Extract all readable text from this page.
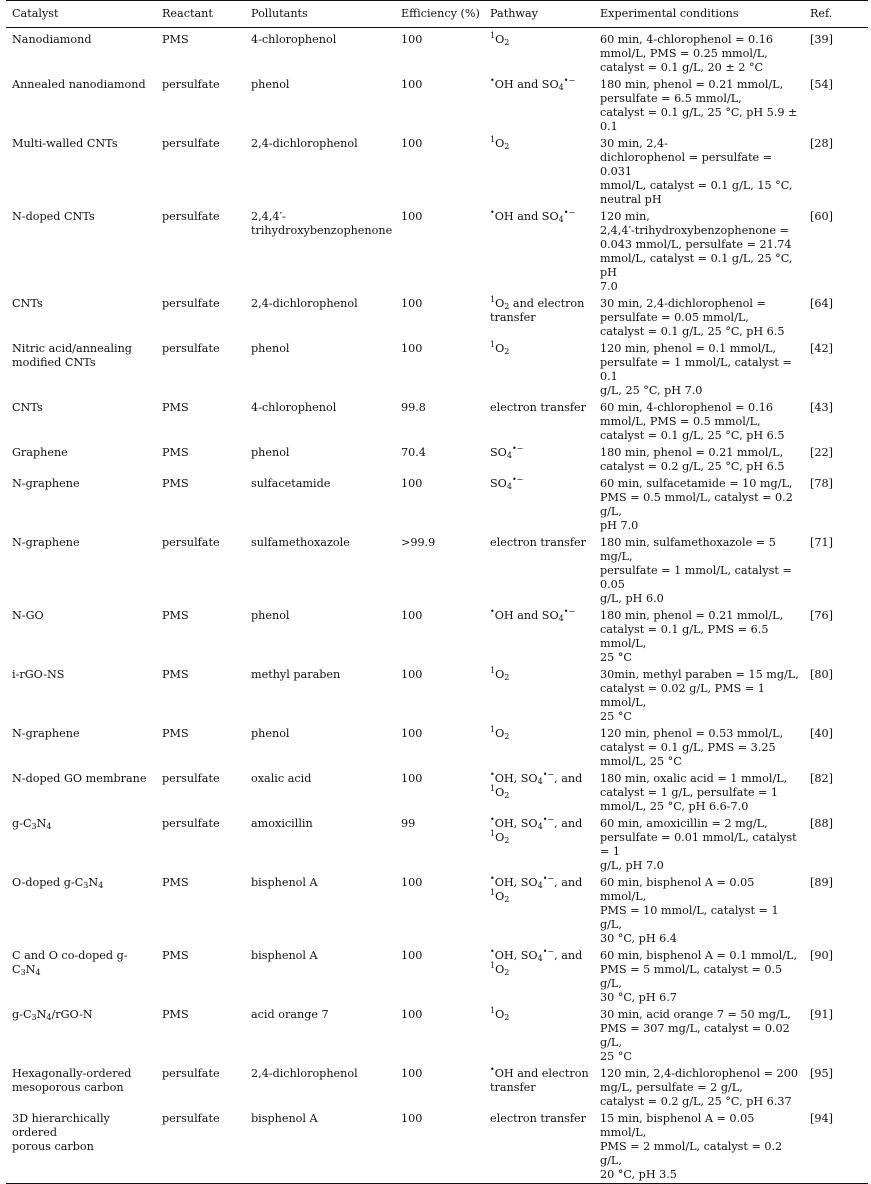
Catalyst	Reactant	Pollutants	Efficiency (%)	Pathway	Experimental conditions	Ref.
Nanodiamond	PMS	4-chlorophenol	100	$^1O_2$	60 min, 4-chlorophenol = 0.16
mmol/L, PMS = 0.25 mmol/L,
catalyst = 0.1 g/L, 20 ± 2 °C	[39]
Annealed nanodiamond	persulfate	phenol	100	•OH and $SO_4^{•-}$	180 min, phenol = 0.21 mmol/L,
persulfate = 6.5 mmol/L,
catalyst = 0.1 g/L, 25 °C, pH 5.9 ± 0.1	[54]
Multi-walled CNTs	persulfate	2,4-dichlorophenol	100	$^1O_2$	30 min, 2,4-
dichlorophenol = persulfate = 0.031
mmol/L, catalyst = 0.1 g/L, 15 °C,
neutral pH	[28]
N-doped CNTs	persulfate	2,4,4′-
trihydroxybenzophenone	100	•OH and $SO_4^{•-}$	120 min,
2,4,4′-trihydroxybenzophenone =
0.043 mmol/L, persulfate = 21.74
mmol/L, catalyst = 0.1 g/L, 25 °C, pH
7.0	[60]
CNTs	persulfate	2,4-dichlorophenol	100	$^1O_2$ and electron
transfer	30 min, 2,4-dichlorophenol =
persulfate = 0.05 mmol/L,
catalyst = 0.1 g/L, 25 °C, pH 6.5	[64]
Nitric acid/annealing
modified CNTs	persulfate	phenol	100	$^1O_2$	120 min, phenol = 0.1 mmol/L,
persulfate = 1 mmol/L, catalyst = 0.1
g/L, 25 °C, pH 7.0	[42]
CNTs	PMS	4-chlorophenol	99.8	electron transfer	60 min, 4-chlorophenol = 0.16
mmol/L, PMS = 0.5 mmol/L,
catalyst = 0.1 g/L, 25 °C, pH 6.5	[43]
Graphene	PMS	phenol	70.4	$SO_4^{•-}$	180 min, phenol = 0.21 mmol/L,
catalyst = 0.2 g/L, 25 °C, pH 6.5	[22]
N-graphene	PMS	sulfacetamide	100	$SO_4^{•-}$	60 min, sulfacetamide = 10 mg/L,
PMS = 0.5 mmol/L, catalyst = 0.2 g/L,
pH 7.0	[78]
N-graphene	persulfate	sulfamethoxazole	>99.9	electron transfer	180 min, sulfamethoxazole = 5 mg/L,
persulfate = 1 mmol/L, catalyst = 0.05
g/L, pH 6.0	[71]
N-GO	PMS	phenol	100	•OH and $SO_4^{•-}$	180 min, phenol = 0.21 mmol/L,
catalyst = 0.1 g/L, PMS = 6.5 mmol/L,
25 °C	[76]
i-rGO-NS	PMS	methyl paraben	100	$^1O_2$	30min, methyl paraben = 15 mg/L,
catalyst = 0.02 g/L, PMS = 1 mmol/L,
25 °C	[80]
N-graphene	PMS	phenol	100	$^1O_2$	120 min, phenol = 0.53 mmol/L,
catalyst = 0.1 g/L, PMS = 3.25
mmol/L, 25 °C	[40]
N-doped GO membrane	persulfate	oxalic acid	100	•OH, $SO_4^{•-}$, and
$^1O_2$	180 min, oxalic acid = 1 mmol/L,
catalyst = 1 g/L, persulfate = 1
mmol/L, 25 °C, pH 6.6-7.0	[82]
$g-C_3N_4$	persulfate	amoxicillin	99	•OH, $SO_4^{•-}$, and
$^1O_2$	60 min, amoxicillin = 2 mg/L,
persulfate = 0.01 mmol/L, catalyst = 1
g/L, pH 7.0	[88]
O-doped $g-C_3N_4$	PMS	bisphenol A	100	•OH, $SO_4^{•-}$, and
$^1O_2$	60 min, bisphenol A = 0.05 mmol/L,
PMS = 10 mmol/L, catalyst = 1 g/L,
30 °C, pH 6.4	[89]
C and O co-doped $g-C_3N_4$	PMS	bisphenol A	100	•OH, $SO_4^{•-}$, and
$^1O_2$	60 min, bisphenol A = 0.1 mmol/L,
PMS = 5 mmol/L, catalyst = 0.5 g/L,
30 °C, pH 6.7	[90]
$g-C_3N_4/rGO-N$	PMS	acid orange 7	100	$^1O_2$	30 min, acid orange 7 = 50 mg/L,
PMS = 307 mg/L, catalyst = 0.02 g/L,
25 °C	[91]
Hexagonally-ordered
mesoporous carbon	persulfate	2,4-dichlorophenol	100	•OH and electron
transfer	120 min, 2,4-dichlorophenol = 200
mg/L, persulfate = 2 g/L,
catalyst = 0.2 g/L, 25 °C, pH 6.37	[95]
3D hierarchically ordered
porous carbon	persulfate	bisphenol A	100	electron transfer	15 min, bisphenol A = 0.05 mmol/L,
PMS = 2 mmol/L, catalyst = 0.2 g/L,
20 °C, pH 3.5	[94]
